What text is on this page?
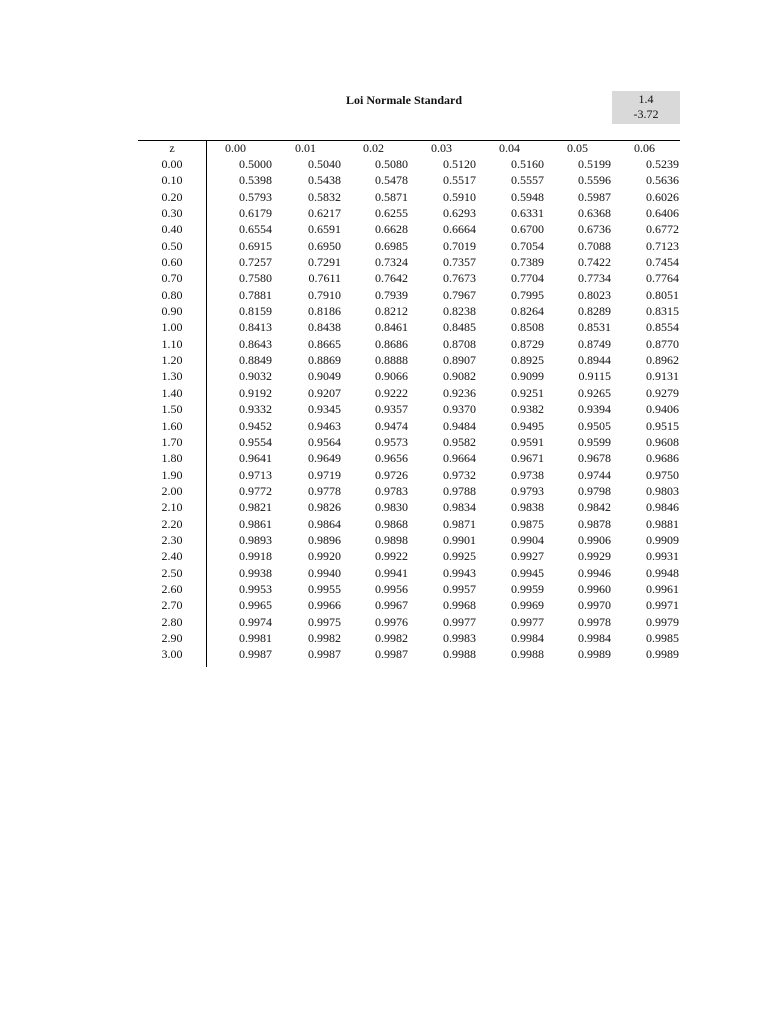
Loi Normale Standard	1.4
-3.72
z	0.00	0.01	0.02	0.03	0.04	0.05	0.06
0.00	0.5000	0.5040	0.5080	0.5120	0.5160	0.5199	0.5239
0.10	0.5398	0.5438	0.5478	0.5517	0.5557	0.5596	0.5636
0.20	0.5793	0.5832	0.5871	0.5910	0.5948	0.5987	0.6026
0.30	0.6179	0.6217	0.6255	0.6293	0.6331	0.6368	0.6406
0.40	0.6554	0.6591	0.6628	0.6664	0.6700	0.6736	0.6772
0.50	0.6915	0.6950	0.6985	0.7019	0.7054	0.7088	0.7123
0.60	0.7257	0.7291	0.7324	0.7357	0.7389	0.7422	0.7454
0.70	0.7580	0.7611	0.7642	0.7673	0.7704	0.7734	0.7764
0.80	0.7881	0.7910	0.7939	0.7967	0.7995	0.8023	0.8051
0.90	0.8159	0.8186	0.8212	0.8238	0.8264	0.8289	0.8315
1.00	0.8413	0.8438	0.8461	0.8485	0.8508	0.8531	0.8554
1.10	0.8643	0.8665	0.8686	0.8708	0.8729	0.8749	0.8770
1.20	0.8849	0.8869	0.8888	0.8907	0.8925	0.8944	0.8962
1.30	0.9032	0.9049	0.9066	0.9082	0.9099	0.9115	0.9131
1.40	0.9192	0.9207	0.9222	0.9236	0.9251	0.9265	0.9279
1.50	0.9332	0.9345	0.9357	0.9370	0.9382	0.9394	0.9406
1.60	0.9452	0.9463	0.9474	0.9484	0.9495	0.9505	0.9515
1.70	0.9554	0.9564	0.9573	0.9582	0.9591	0.9599	0.9608
1.80	0.9641	0.9649	0.9656	0.9664	0.9671	0.9678	0.9686
1.90	0.9713	0.9719	0.9726	0.9732	0.9738	0.9744	0.9750
2.00	0.9772	0.9778	0.9783	0.9788	0.9793	0.9798	0.9803
2.10	0.9821	0.9826	0.9830	0.9834	0.9838	0.9842	0.9846
2.20	0.9861	0.9864	0.9868	0.9871	0.9875	0.9878	0.9881
2.30	0.9893	0.9896	0.9898	0.9901	0.9904	0.9906	0.9909
2.40	0.9918	0.9920	0.9922	0.9925	0.9927	0.9929	0.9931
2.50	0.9938	0.9940	0.9941	0.9943	0.9945	0.9946	0.9948
2.60	0.9953	0.9955	0.9956	0.9957	0.9959	0.9960	0.9961
2.70	0.9965	0.9966	0.9967	0.9968	0.9969	0.9970	0.9971
2.80	0.9974	0.9975	0.9976	0.9977	0.9977	0.9978	0.9979
2.90	0.9981	0.9982	0.9982	0.9983	0.9984	0.9984	0.9985
3.00	0.9987	0.9987	0.9987	0.9988	0.9988	0.9989	0.9989
